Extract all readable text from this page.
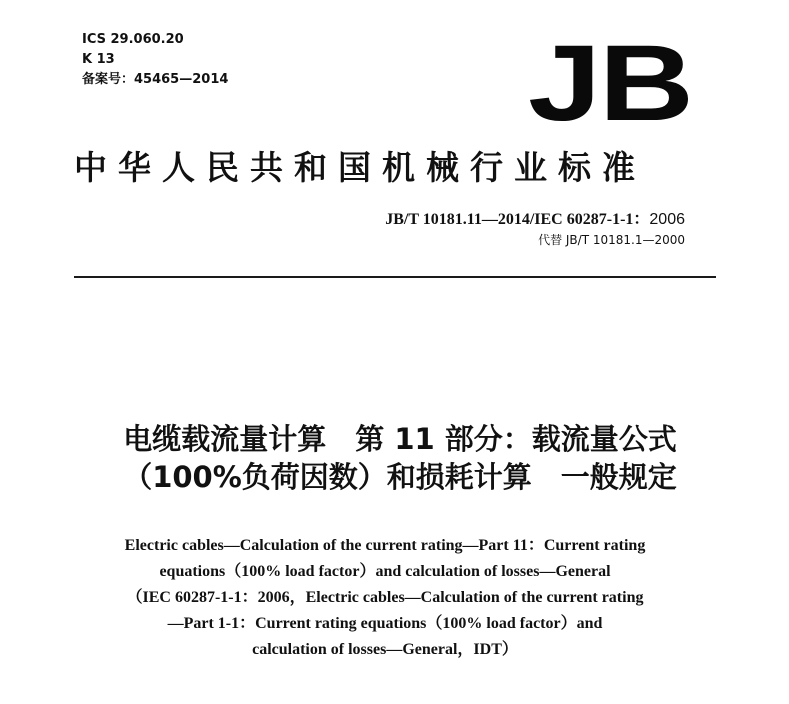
ICS 29.060.20
K 13
备案号：45465—2014	JB
中华人民共和国机械行业标准
JB/T 10181.11—2014/IEC 60287-1-1：2006
代替 JB/T 10181.1—2000
电缆载流量计算　第 11 部分：载流量公式
（100%负荷因数）和损耗计算　一般规定
Electric cables—Calculation of the current rating—Part 11：Current rating
equations（100% load factor）and calculation of losses—General
（IEC 60287-1-1：2006，Electric cables—Calculation of the current rating
—Part 1-1：Current rating equations（100% load factor）and
calculation of losses—General，IDT）
